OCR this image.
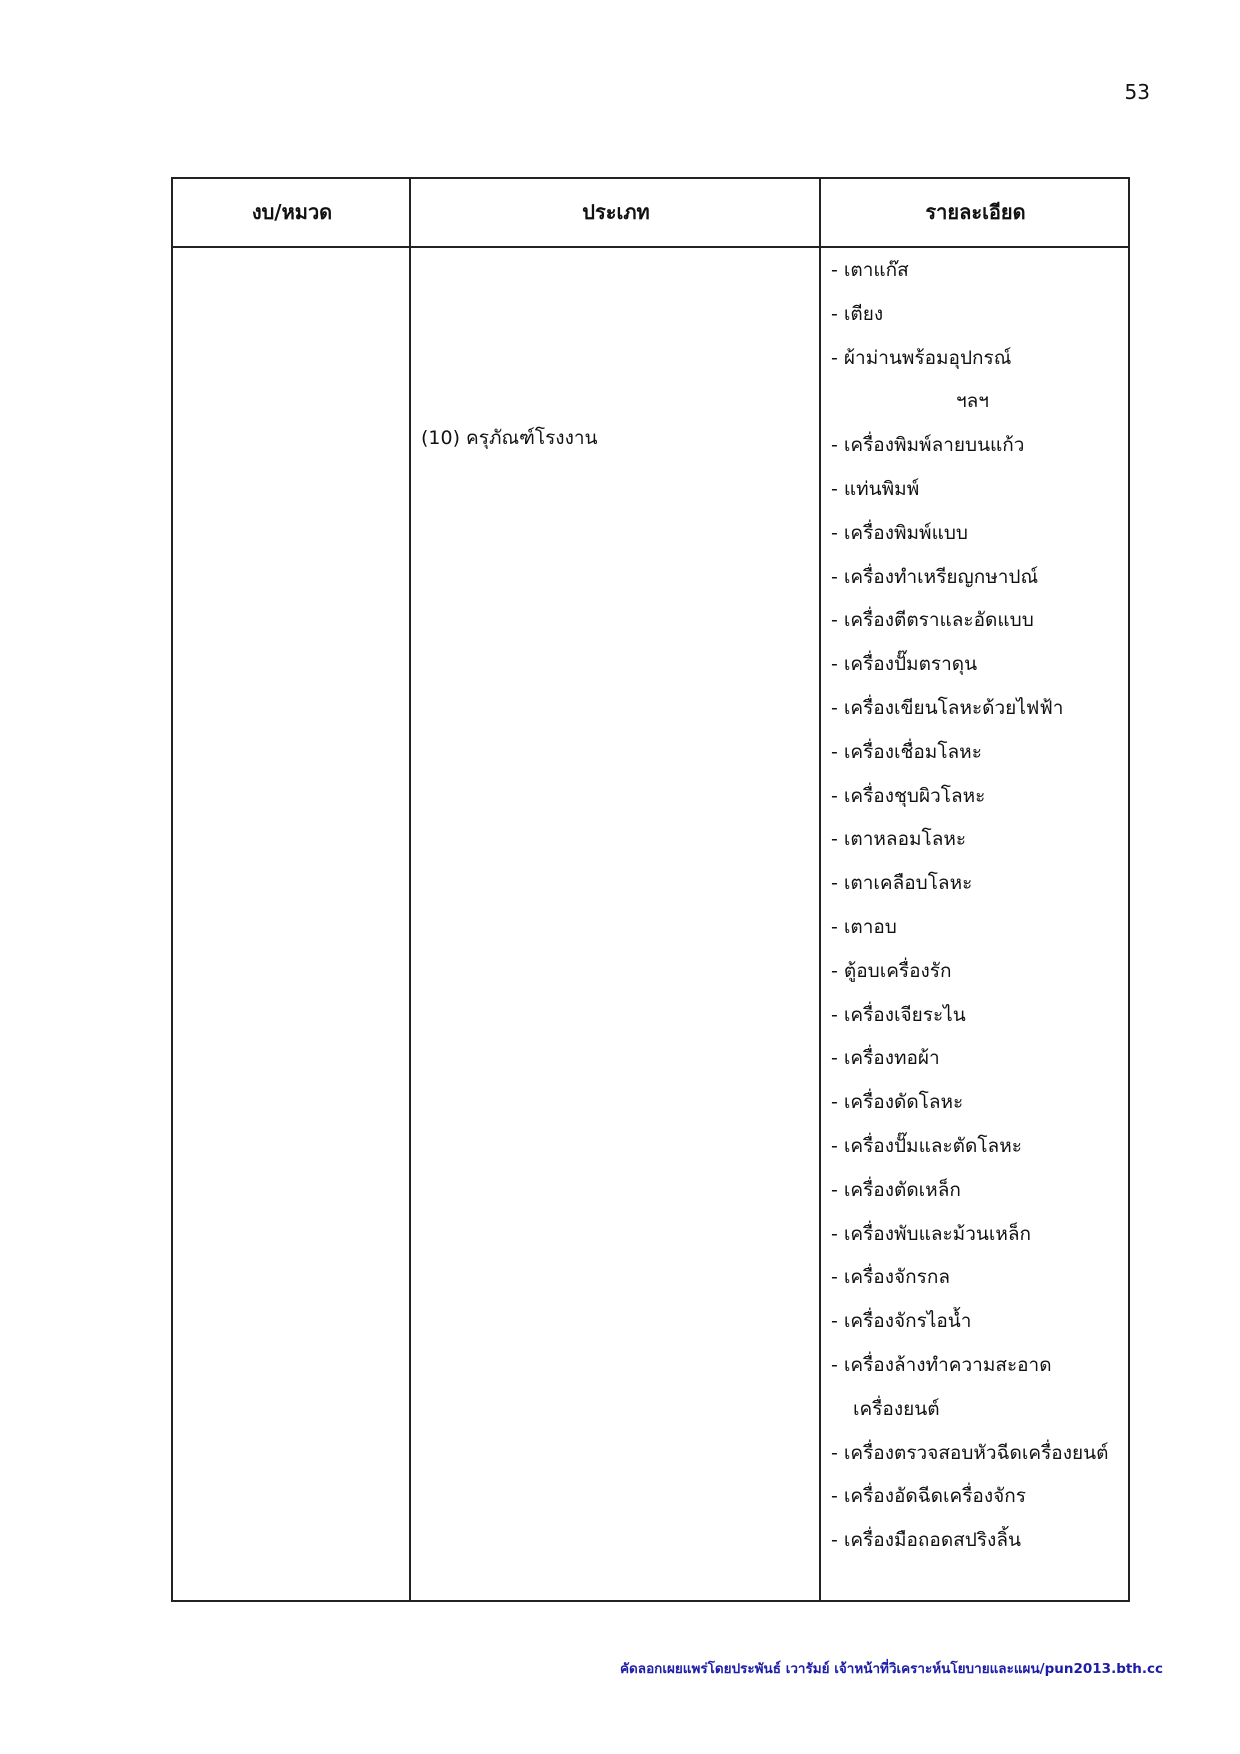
53
งบ/หมวด	ประเภท	รายละเอียด
(10) ครุภัณฑ์โรงงาน
- เตาแก๊ส
- เตียง
- ผ้าม่านพร้อมอุปกรณ์
ฯลฯ
- เครื่องพิมพ์ลายบนแก้ว
- แท่นพิมพ์
- เครื่องพิมพ์แบบ
- เครื่องทำเหรียญกษาปณ์
- เครื่องตีตราและอัดแบบ
- เครื่องปั๊มตราดุน
- เครื่องเขียนโลหะด้วยไฟฟ้า
- เครื่องเชื่อมโลหะ
- เครื่องชุบผิวโลหะ
- เตาหลอมโลหะ
- เตาเคลือบโลหะ
- เตาอบ
- ตู้อบเครื่องรัก
- เครื่องเจียระไน
- เครื่องทอผ้า
- เครื่องดัดโลหะ
- เครื่องปั๊มและตัดโลหะ
- เครื่องตัดเหล็ก
- เครื่องพับและม้วนเหล็ก
- เครื่องจักรกล
- เครื่องจักรไอน้ำ
- เครื่องล้างทำความสะอาด
เครื่องยนต์
- เครื่องตรวจสอบหัวฉีดเครื่องยนต์
- เครื่องอัดฉีดเครื่องจักร
- เครื่องมือถอดสปริงลิ้น
คัดลอกเผยแพร่โดยประพันธ์ เวารัมย์ เจ้าหน้าที่วิเคราะห์นโยบายและแผน/pun2013.bth.cc
